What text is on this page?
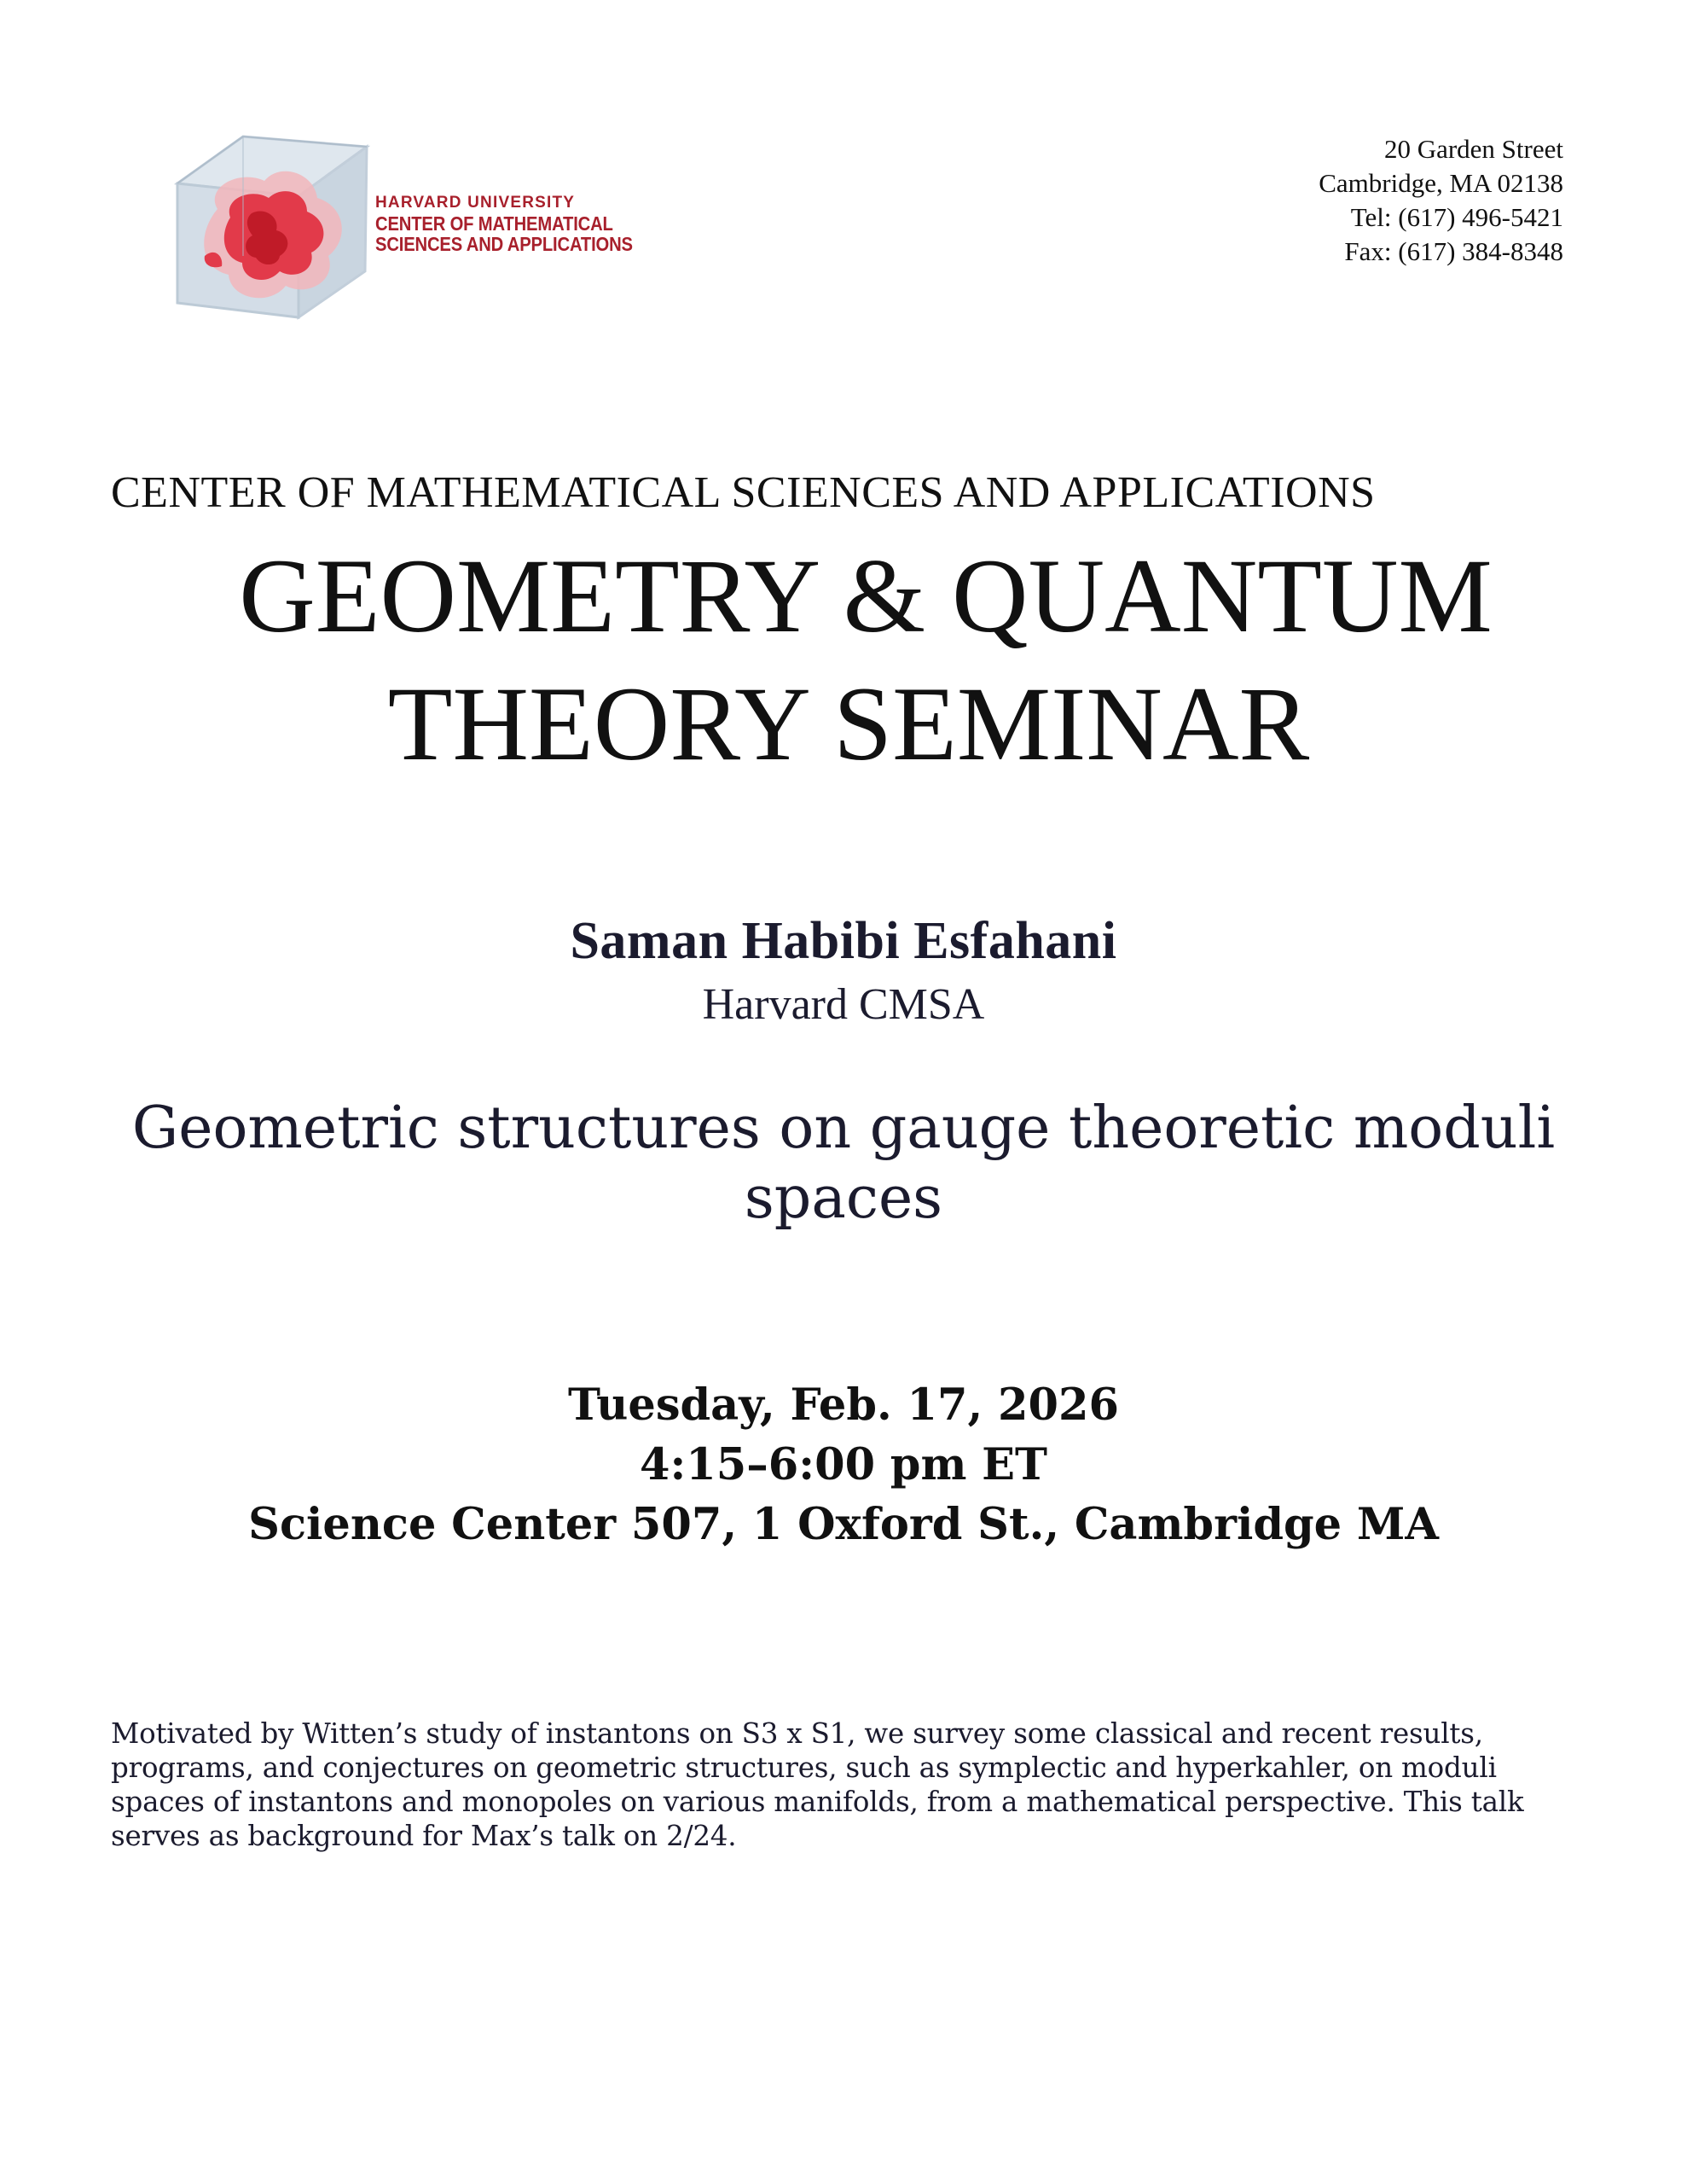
HARVARD UNIVERSITY
CENTER OF MATHEMATICAL
SCIENCES AND APPLICATIONS
20 Garden Street
Cambridge, MA 02138
Tel: (617) 496-5421
Fax: (617) 384-8348
CENTER OF MATHEMATICAL SCIENCES AND APPLICATIONS
GEOMETRY & QUANTUM
THEORY SEMINAR
Saman Habibi Esfahani
Harvard CMSA
Geometric structures on gauge theoretic moduli spaces
Tuesday, Feb. 17, 2026
4:15–6:00 pm ET
Science Center 507, 1 Oxford St., Cambridge MA
Motivated by Witten’s study of instantons on S3 x S1, we survey some classical and recent results, programs, and conjectures on geometric structures, such as symplectic and hyperkahler, on moduli spaces of instantons and monopoles on various manifolds, from a mathematical perspective. This talk serves as background for Max’s talk on 2/24.
